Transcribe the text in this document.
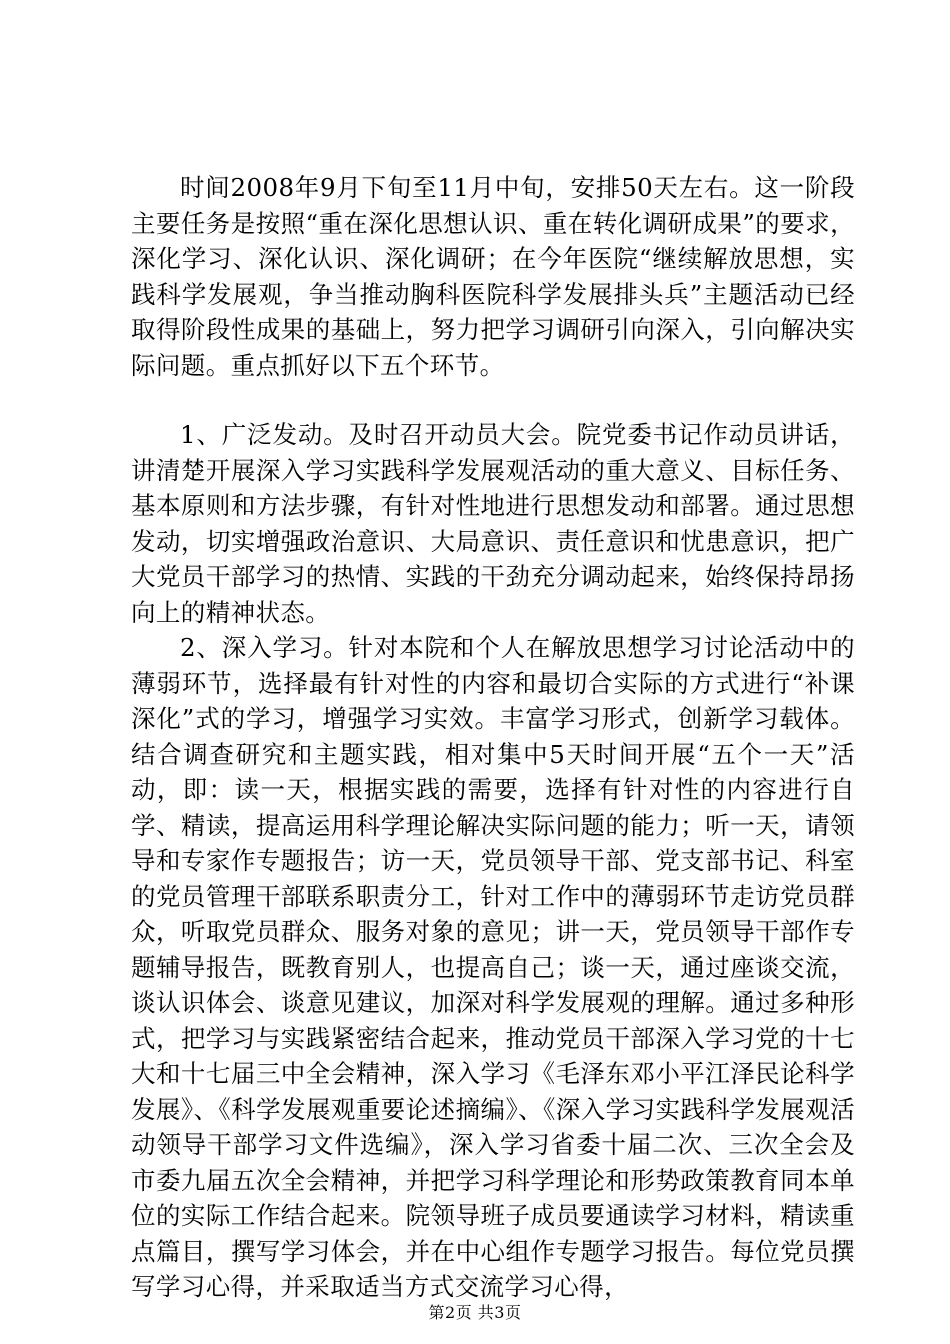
时间2008年9月下旬至11月中旬，安排50天左右。这一阶段主要任务是按照“重在深化思想认识、重在转化调研成果”的要求，深化学习、深化认识、深化调研；在今年医院“继续解放思想，实践科学发展观，争当推动胸科医院科学发展排头兵”主题活动已经取得阶段性成果的基础上，努力把学习调研引向深入，引向解决实际问题。重点抓好以下五个环节。

1、广泛发动。及时召开动员大会。院党委书记作动员讲话，讲清楚开展深入学习实践科学发展观活动的重大意义、目标任务、基本原则和方法步骤，有针对性地进行思想发动和部署。通过思想发动，切实增强政治意识、大局意识、责任意识和忧患意识，把广大党员干部学习的热情、实践的干劲充分调动起来，始终保持昂扬向上的精神状态。

2、深入学习。针对本院和个人在解放思想学习讨论活动中的薄弱环节，选择最有针对性的内容和最切合实际的方式进行“补课深化”式的学习，增强学习实效。丰富学习形式，创新学习载体。结合调查研究和主题实践，相对集中5天时间开展“五个一天”活动，即：读一天，根据实践的需要，选择有针对性的内容进行自学、精读，提高运用科学理论解决实际问题的能力；听一天，请领导和专家作专题报告；访一天，党员领导干部、党支部书记、科室的党员管理干部联系职责分工，针对工作中的薄弱环节走访党员群众，听取党员群众、服务对象的意见；讲一天，党员领导干部作专题辅导报告，既教育别人，也提高自己；谈一天，通过座谈交流，谈认识体会、谈意见建议，加深对科学发展观的理解。通过多种形式，把学习与实践紧密结合起来，推动党员干部深入学习党的十七大和十七届三中全会精神，深入学习《毛泽东邓小平江泽民论科学发展》、《科学发展观重要论述摘编》、《深入学习实践科学发展观活动领导干部学习文件选编》，深入学习省委十届二次、三次全会及市委九届五次全会精神，并把学习科学理论和形势政策教育同本单位的实际工作结合起来。院领导班子成员要通读学习材料，精读重点篇目，撰写学习体会，并在中心组作专题学习报告。每位党员撰写学习心得，并采取适当方式交流学习心得，

第2页 共3页
